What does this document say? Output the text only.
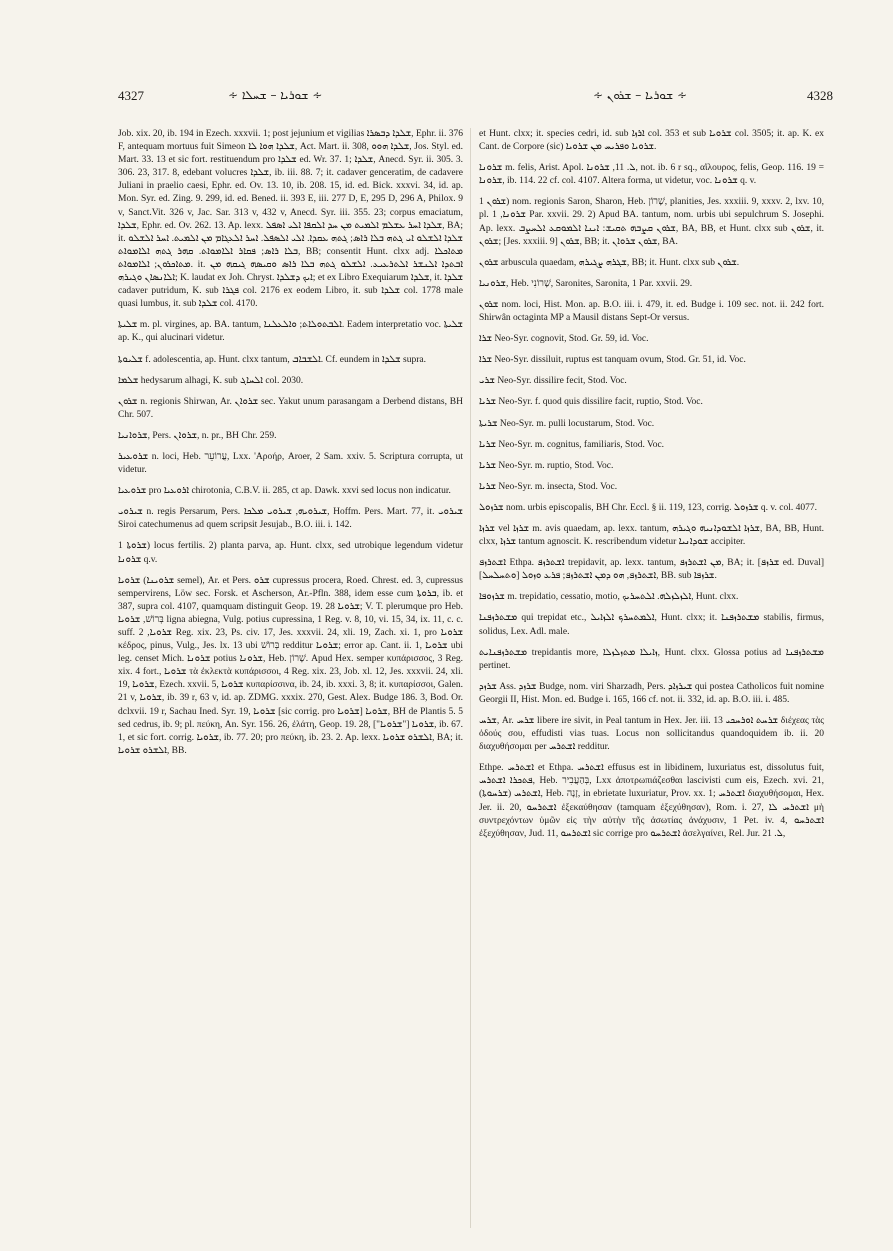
4327	∻ ܫܘܪܝܐ – ܫܚܠܐ ∻	∻ ܫܘܪܝܐ – ܫܪܘܢ ∻	4328

Job. xix. 20, ib. 194 in Ezech. xxxvii. 1; post jejunium et vigilias ܫܠܕܐ ܕܒܣܪܐ, Ephr. ii. 376 F, antequam mortuus fuit Simeon ܫܠܕܐ ܗܘܐ ܠܐ, Act. Mart. ii. 308, ܫܠܕܐ ܗܘܘ, Jos. Styl. ed. Mart. 33. 13 et sic fort. restituendum pro ܫܠܕܐ ed. Wr. 37. 1; ܫܠܕܐ, Anecd. Syr. ii. 305. 3. 306. 23, 317. 8, edebant volucres ܫܠܕܐ, ib. iii. 88. 7; it. cadaver genceratim, de cadavere Juliani in praelio caesi, Ephr. ed. Ov. 13. 10, ib. 208. 15, id. ed. Bick. xxxvi. 34, id. ap. Mon. Syr. ed. Zing. 9. 299, id. ed. Bened. ii. 393 E, iii. 277 D, E, 295 D, 296 A, Philox. 9 v, Sanct.Vit. 326 v, Jac. Sar. 313 v, 432 v, Anecd. Syr. iii. 355. 23; corpus emaciatum, ܫܠܕܐ, Ephr. ed. Ov. 262. 13. Ap. lexx. ܫܠܕܐ ܐܚܪ ܥܫܠܡ ܐܠܡܝܬ ܡܢ ܚܕ ܐܠܩܦܐ ܐܠܝ ܐܣܦܠ, BA; it. ܫܠܕܐ ܐܠܫܠܘ ܐܝ ܓܬܗ ܒܠܐ ܪܐܣ; ܓܬܗ ܥܩܕܐ. ܐܠܝ ܐܠܣܦܠ. ܐܚܪ ܐܠܥܓܐܡ ܡܢ ܐܠܡܝܬ. ܐܚܪ ܐܠܫܠܘ ܒܠܐ ܪܐܣ; ܦܩܐܪ ܐܠܐܡܘܐܬ. ܩܗܪ ܓܬܗ ܐܠܐܡܘܐܬ, BB; consentit Hunt. clxx adj. ܡܬܐܟܠܐ ܡܬܐܟܪܘܢ; ܐܠܐܡܘܐܬ. it. ܐܒܬܕܐ ܐܠܢܫܪ ܐܠܬܪܥܝܥ. ܐܠܫܠܘ ܓܬܗ ܒܠܐ ܪܐܣ ܘܩܝܣܗ ܓܝܩܗ ܡܢ ܐܠܐܢܣܐܢ ܘܓܝܪܗ; K. laudat ex Joh. Chryst. ܐܝܟ ܕܫܠܕܐ; et ex Libro Exequiarum ܫܠܕܐ, it. ܫܠܕܐ cadaver putridum, K. sub ܦܓܪܐ col. 2176 ex eodem Libro, it. sub ܫܠܕܐ col. 1778 male quasi lumbus, it. sub ܫܠܕܐ col. 4170.

ܫܠܝܬܐ m. pl. virgines, ap. BA. tantum, ܐܠܒܬܘܠܐܬ; ܘܐܠܥܠܢܐ. Eadem interpretatio voc. ܫܠܝܬܐ ap. K., qui alucinari videtur.

ܫܠܝܘܬܐ f. adolescentia, ap. Hunt. clxx tantum, ܐܠܫܒܐܒ. Cf. eundem in ܫܠܕܐ supra.

ܫܠܡܐ hedysarum alhagi, K. sub ܐܠܚܐܓ col. 2030.

ܫܪܘܢ n. regionis Shirwan, Ar. ܫܪܘܐܢ sec. Yakut unum parasangam a Derbend distans, BH Chr. 507.

ܫܪܘܐܢܝܐ, Pers. ܫܪܘܐܢ, n. pr., BH Chr. 259.

ܫܪܘܥܝܪ n. loci, Heb. עֲרוֹעֵר, Lxx. 'Αροήρ, Aroer, 2 Sam. xxiv. 5. Scriptura corrupta, ut videtur.

ܫܪܘܥܝܐ pro ܐܪܘܥܝܐ chirotonia, C.B.V. ii. 285, ct ap. Dawk. xxvi sed locus non indicatur.

ܫܝܪܘܝ n. regis Persarum, Pers. ܫܝܪܘܝܗ, ܫܝܪܘܝ ܡܠܟܐ, Hoffm. Pers. Mart. 77, it. ܫܝܪܘܝ Siroi catechumenus ad quem scripsit Jesujab., B.O. iii. i. 142.

ܫܪܘܬܐ 1) locus fertilis. 2) planta parva, ap. Hunt. clxx, sed utrobique legendum videtur ܫܪܘܢܐ q.v.

ܫܪܘܝܐ (ܫܪܘܝܢܐ semel), Ar. et Pers. ܫܪܘ cupressus procera, Roed. Chrest. ed. 3, cupressus sempervirens, Löw sec. Forsk. et Ascherson, Ar.-Pfln. 388, idem esse cum ܒܪܘܬܐ, ib. et 387, supra col. 4107, quamquam distinguit Geop. 19. 28 ܫܪܘܝܐ; V. T. plerumque pro Heb. בְּרוֹשׁ, ܫܪܘܝܐ ligna abiegna, Vulg. potius cupressina, 1 Reg. v. 8, 10, vi. 15, 34, ix. 11, c. c. suff. ܫܪܘܝܐ, 2 Reg. xix. 23, Ps. civ. 17, Jes. xxxvii. 24, xli. 19, Zach. xi. 1, pro ܫܪܘܝܐ κέδρος, pinus, Vulg., Jes. lx. 13 ubi בְּרוֹשׁ redditur ܫܪܘܝܐ; error ap. Cant. ii. 1, ܫܪܘܝܐ ubi leg. censet Mich. ܫܪܘܢܐ potius ܫܪܘܢܐ, Heb. שָׁרוֹן. Apud Hex. semper κυπάρισσος, 3 Reg. xix. 4 fort., ܫܪܘܝܐ τὰ ἐκλεκτὰ κυπάρισσοι, 4 Reg. xix. 23, Job. xl. 12, Jes. xxxvii. 24, xli. 19, ܫܪܘܝܐ, Ezech. xxvii. 5, ܫܪܘܝܐ κυπαρίσσινα, ib. 24, ib. xxxi. 3, 8; it. κυπαρίσσοι, Galen. 21 v, ܫܪܘܝܐ, ib. 39 r, 63 v, id. ap. ZDMG. xxxix. 270, Gest. Alex. Budge 186. 3, Bod. Or. dclxvii. 19 r, Sachau Ined. Syr. 19, ܫܪܘܝܐ [sic corrig. pro ܫܪܘܝܐ] ܫܪܘܝܐ, BH de Plantis 5. 5 sed cedrus, ib. 9; pl. πεύκη, An. Syr. 156. 26, ἐλάτη, Geop. 19. 28, ["ܫܪܘܝܐ"] ܫܪܘܝܐ, ib. 67. 1, et sic fort. corrig. ܫܪܘܝܐ, ib. 77. 20; pro πεύκη, ib. 23. 2. Ap. lexx. ܐܠܫܪܘ ܫܪܘܝܐ, BA; it. ܐܠܫܪܘ ܫܪܘܝܐ, BB.

et Hunt. clxx; it. species cedri, id. sub ܐܪܙܐ col. 353 et sub ܫܪܘܝܐ col. 3505; it. ap. K. ex Cant. de Corpore (sic) ܫܪܘܝܐ ܘܦܪܝܚ ܡܢ ܫܪܘܝܐ.

ܫܪܘܢܐ m. felis, Arist. Apol. ܠ. 11, ܫܪܘܢܐ, not. ib. 6 r sq., αἴλουρος, felis, Geop. 116. 19 = ܫܪܘܢܐ, ib. 114. 22 cf. col. 4107. Altera forma, ut videtur, voc. ܫܪܘܢܐ q. v.

ܫܪܘܢ 1) nom. regionis Saron, Sharon, Heb. שָׁרוֹן, planities, Jes. xxxiii. 9, xxxv. 2, lxv. 10, pl. ܫܪܘܢܐ, 1 Par. xxvii. 29. 2) Apud BA. tantum, nom. urbis ubi sepulchrum S. Josephi. Ap. lexx. ܫܪܘܢ ܩܨܒܗ ܬܩܝܫ: ܐܝܢܐ ܐܠܡܘܩܥ ܐܠܚܨܒ, BA, BB, et Hunt. clxx sub ܫܪܘܢ, it. ܫܪܘܢ; [Jes. xxxiii. 9] ܫܪܘܢ, BB; it. ܫܪܘܢ ܫܪܘܐܢ, BA.

ܫܪܘܢ arbuscula quaedam, ܫܓܪܗ ܨܓܝܪܗ, BB; it. Hunt. clxx sub ܫܪܘܢ.

ܫܪܘܢܝܐ, Heb. שָׁרוֹנִי, Saronites, Saronita, 1 Par. xxvii. 29.

ܫܪܘܢ nom. loci, Hist. Mon. ap. B.O. iii. i. 479, it. ed. Budge i. 109 sec. not. ii. 242 fort. Shirwân octaginta MP a Mausil distans Sept-Or versus.

ܫܪܐ Neo-Syr. cognovit, Stod. Gr. 59, id. Voc.

ܫܪܐ Neo-Syr. dissiluit, ruptus est tanquam ovum, Stod. Gr. 51, id. Voc.

ܫܪܝ Neo-Syr. dissilire fecit, Stod. Voc.

ܫܪܝܐ Neo-Syr. f. quod quis dissilire facit, ruptio, Stod. Voc.

ܫܪܝܬܐ Neo-Syr. m. pulli locustarum, Stod. Voc.

ܫܪܝܐ Neo-Syr. m. cognitus, familiaris, Stod. Voc.

ܫܪܝܐ Neo-Syr. m. ruptio, Stod. Voc.

ܫܪܝܐ Neo-Syr. m. insecta, Stod. Voc.

ܫܪܙܘܠ nom. urbis episcopalis, BH Chr. Eccl. § ii. 119, 123, corrig. ܫܪܙܘܠ q. v. col. 4077.

ܫܪܙܐ vel ܫܪܙܐ m. avis quaedam, ap. lexx. tantum, ܫܪܙܐ ܐܠܫܘܕܐܢܝܗ ܘܓܝܪܗ, BA, BB, Hunt. clxx, ܫܪܙܐ tantum agnoscit. K. rescribendum videtur ܫܘܕܐܢܝܐ accipiter.

ܐܫܬܪܙܦ Ethpa. ܐܫܬܪܙܦ trepidavit, ap. lexx. tantum, ܡܢ ܐܫܬܪܙܦ, BA; it. [ܫܪܙܦ ed. Duval] ܐܫܬܪܙܦ, ܗܘ ܕܡܢ ܐܫܬܪܙܦ; ܦܪܥ ܘܙܘܠ [ܘܬܚܠܚܠ], BB. sub ܫܪܙܦܐ.

ܫܪܙܘܦܐ m. trepidatio, cessatio, motio, ܐܠܙܠܙܠܗ. ܐܠܬܚܪܝܟ, Hunt. clxx.

ܡܫܬܪܙܦܢܐ qui trepidat etc., ܐܠܡܬܚܪܟ ܐܠܙܐܝܠ, Hunt. clxx; it. ܡܫܬܪܙܦܢܐ stabilis, firmus, solidus, Lex. Adl. male.

ܡܫܬܪܙܦܢܐܝܬ trepidantis more, ܙܐܝܠܐ ܡܬܙܠܙܠܐ, Hunt. clxx. Glossa potius ad ܡܫܬܪܙܦܢܐ pertinet.

ܫܪܙܕ Ass. ܫܪܙܕ Budge, nom. viri Sharzadh, Pers. ܫܝܪܙܐܕ qui postea Catholicos fuit nomine Georgii II, Hist. Mon. ed. Budge i. 165, 166 cf. not. ii. 332, id. ap. B.O. iii. i. 485.

ܫܪܚ, Ar. ܫܪܚ libere ire sivit, in Peal tantum in Hex. Jer. iii. 13 ܫܪܚܬ ܐܘܪܚܟܝ διέχεας τὰς ὁδούς σου, effudisti vias tuas. Locus non sollicitandus quandoquidem ib. ii. 20 διαχυθήσομαι per ܐܫܬܪܚ redditur.

Ethpe. ܐܫܬܪܚ et Ethpa. ܐܫܬܪܚ effusus est in libidinem, luxuriatus est, dissolutus fuit, ܦܬܟܪܐ ܐܫܬܪܚ, Heb. בְּהַעֲבִיר, Lxx ἀποτρωπιάζεσθαι lascivisti cum eis, Ezech. xvi. 21, (ܫܪܚܘܬܐ) ܐܫܬܪܚ, Heb. זָנָה, in ebrietate luxuriatur, Prov. xx. 1; ܐܫܬܪܚ διαχυθήσομαι, Hex. Jer. ii. 20, ܐܫܬܪܚܘ ἐξεκαύθησαν (tamquam ἐξεχύθησαν), Rom. i. 27, ܐܫܬܪܚ ܠܐ μὴ συντρεχόντων ὑμῶν εἰς τὴν αὐτὴν τῆς ἀσωτίας ἀνάχυσιν, 1 Pet. iv. 4, ܐܫܬܪܚܘ ἐξεχύθησαν, Jud. 11, ܐܫܬܪܚܘ sic corrige pro ܐܫܬܪܚܘ ἀσελγαίνει, Rel. Jur. ܠ. 21,
